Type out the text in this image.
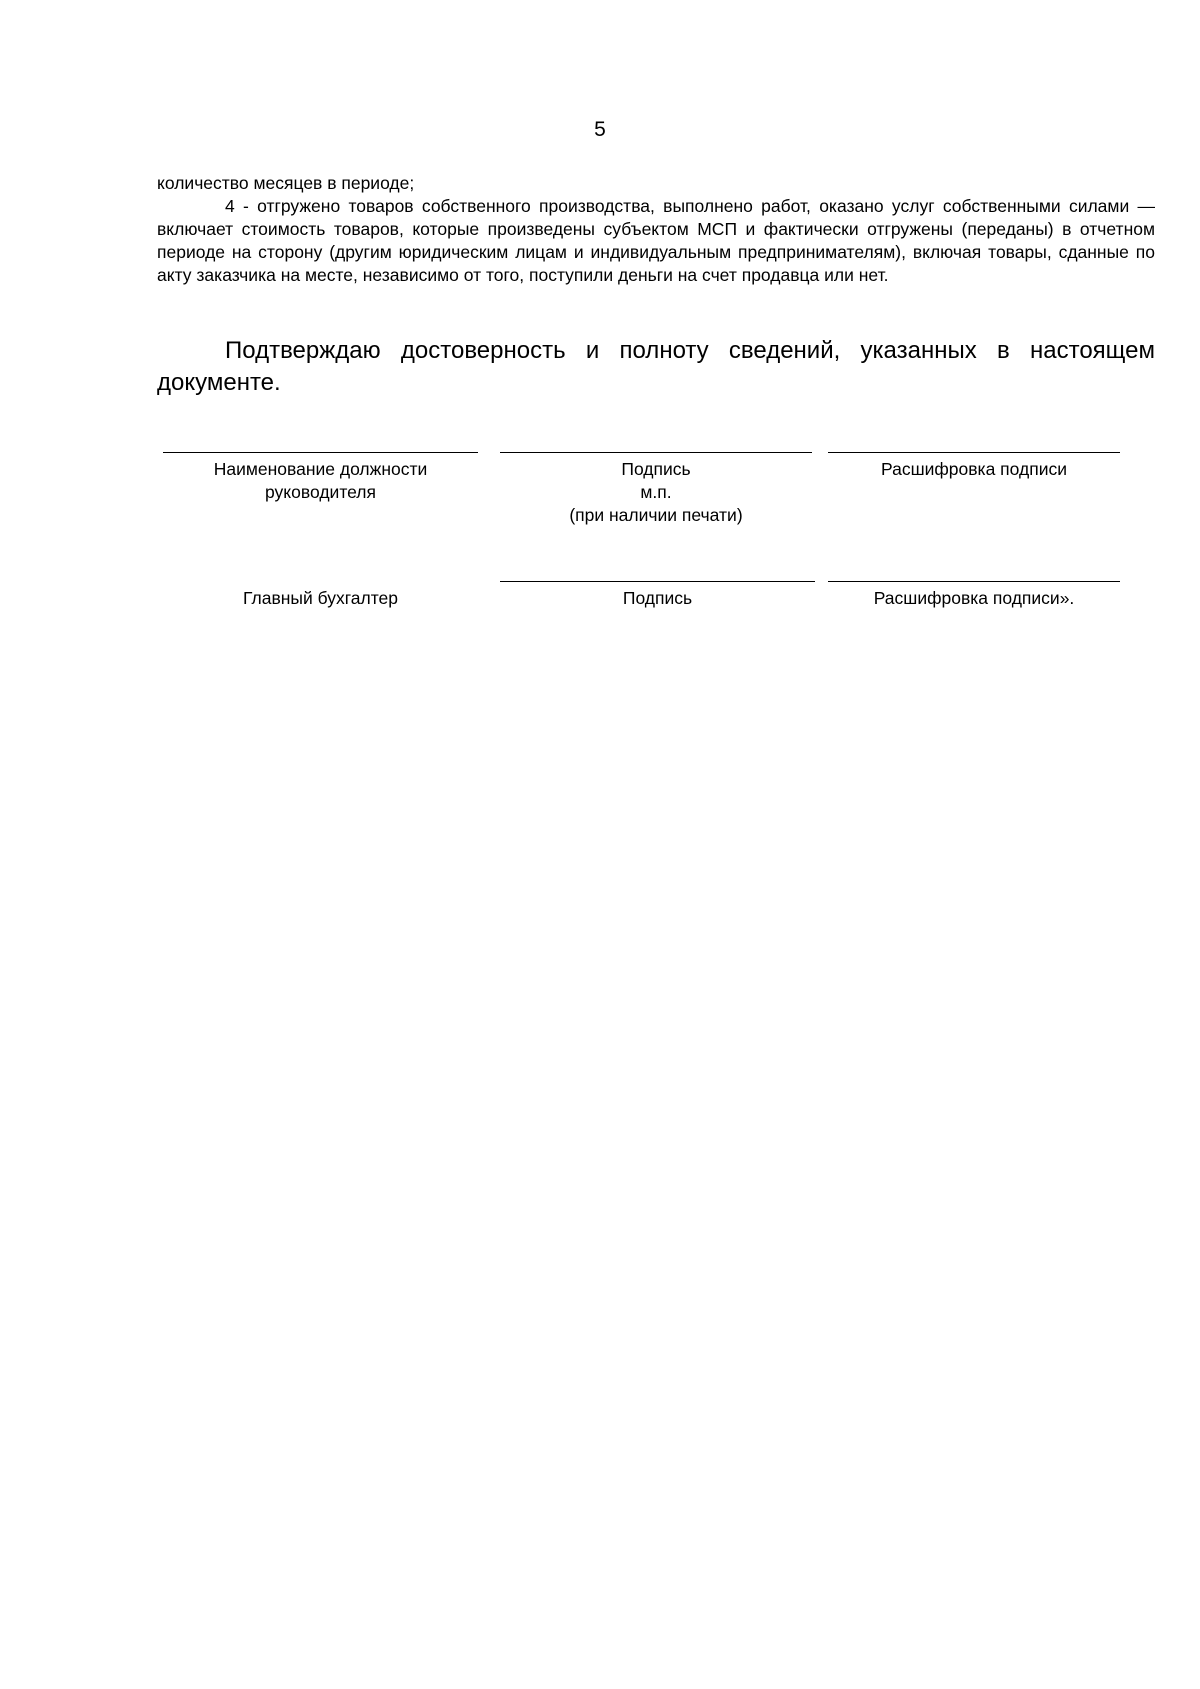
5

количество месяцев в периоде;

4 - отгружено товаров собственного производства, выполнено работ, оказано услуг собственными силами — включает стоимость товаров, которые произведены субъектом МСП и фактически отгружены (переданы) в отчетном периоде на сторону (другим юридическим лицам и индивидуальным предпринимателям), включая товары, сданные по акту заказчика на месте, независимо от того, поступили деньги на счет продавца или нет.

Подтверждаю достоверность и полноту сведений, указанных в настоящем документе.
Наименование должности
руководителя
Подпись
м.п.
(при наличии печати)
Расшифровка подписи
Главный бухгалтер	Подпись	Расшифровка подписи».
